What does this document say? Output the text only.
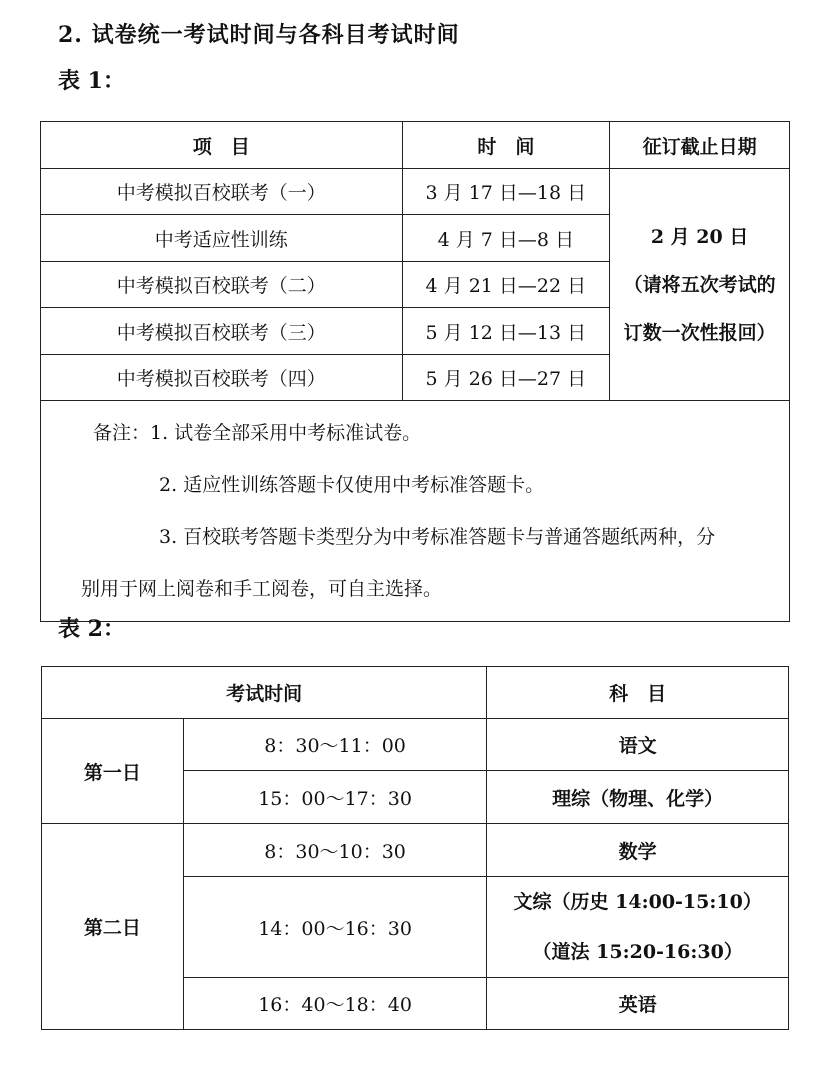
2. 试卷统一考试时间与各科目考试时间
表 1：
项　目	时　间	征订截止日期
中考模拟百校联考（一）	3 月 17 日—18 日	2 月 20 日
（请将五次考试的
订数一次性报回）

中考适应性训练	4 月 7 日—8 日	
中考模拟百校联考（二）	4 月 21 日—22 日	
中考模拟百校联考（三）	5 月 12 日—13 日	
中考模拟百校联考（四）	5 月 26 日—27 日	

备注：1. 试卷全部采用中考标准试卷。
2. 适应性训练答题卡仅使用中考标准答题卡。
3. 百校联考答题卡类型分为中考标准答题卡与普通答题纸两种，分
别用于网上阅卷和手工阅卷，可自主选择。		
表 2：
考试时间		科　目
第一日	8：30～11：00	语文
	15：00～17：30	理综（物理、化学）
第二日	8：30～10：30	数学
	14：00～16：30	文综（历史 14:00-15:10）
（道法 15:20-16:30）

	16：40～18：40	英语
